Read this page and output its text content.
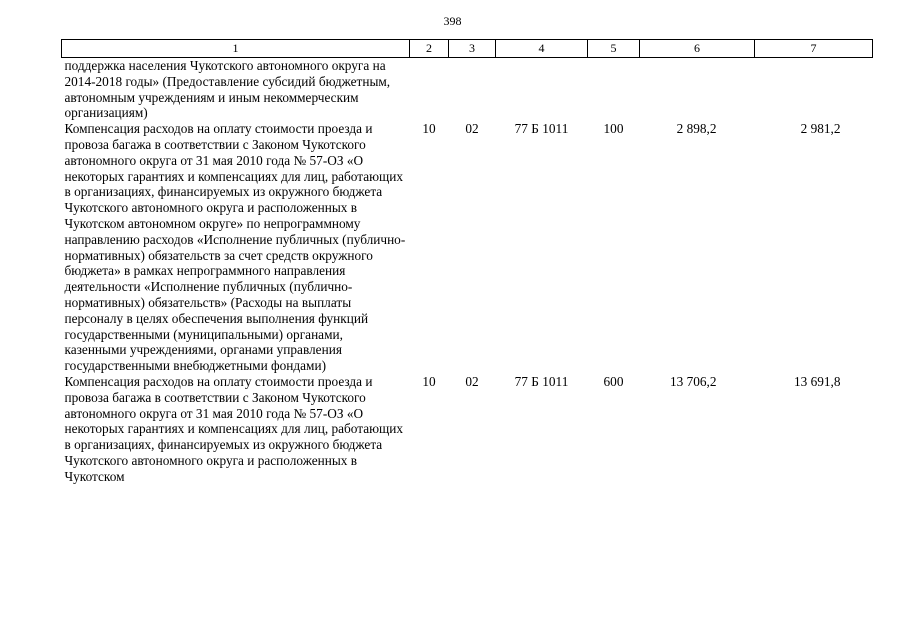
398
1	2	3	4	5	6	7
поддержка населения Чукотского автономного округа на 2014-2018 годы» (Предоставление субсидий бюджетным, автономным учреждениям и иным некоммерческим организациям)						
Компенсация расходов на оплату стоимости проезда и провоза багажа в соответствии с Законом Чукотского автономного округа от 31 мая 2010 года № 57-ОЗ «О некоторых гарантиях и компенсациях для лиц, работающих в организациях, финансируемых из окружного бюджета Чукотского автономного округа и расположенных в Чукотском автономном округе» по непрограммному направлению расходов «Исполнение публичных (публично-нормативных) обязательств за счет средств окружного бюджета» в рамках непрограммного направления деятельности «Исполнение публичных (публично-нормативных) обязательств» (Расходы на выплаты персоналу в целях обеспечения выполнения функций государственными (муниципальными) органами, казенными учреждениями, органами управления государственными внебюджетными фондами)	10	02	77 Б 1011	100	2 898,2	2 981,2
Компенсация расходов на оплату стоимости проезда и провоза багажа в соответствии с Законом Чукотского автономного округа от 31 мая 2010 года № 57-ОЗ «О некоторых гарантиях и компенсациях для лиц, работающих в организациях, финансируемых из окружного бюджета Чукотского автономного округа и расположенных в Чукотском	10	02	77 Б 1011	600	13 706,2	13 691,8
